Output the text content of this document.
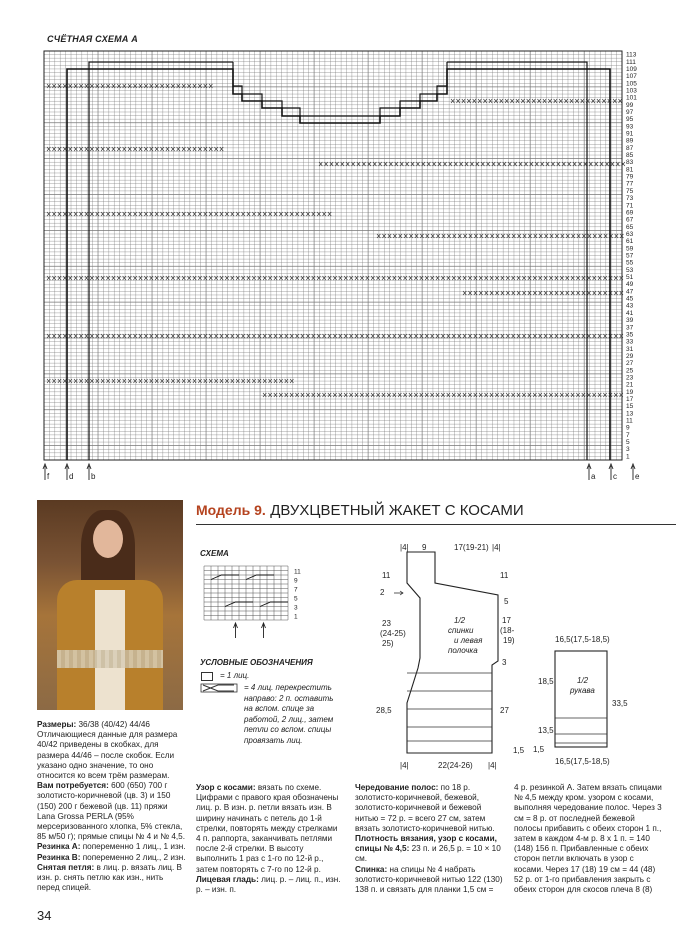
СЧЁТНАЯ СХЕМА А
113
111
109
107
105
103
101
99
97
95
93
91
89
87
85
83
81
79
77
75
73
71
69
67
65
63
61
59
57
55
53
51
49
47
45
43
41
39
37
35
33
31
29
27
25
23
21
19
17
15
13
11
9
7
5
3
1
f d b	a c e
Модель 9. ДВУХЦВЕТНЫЙ ЖАКЕТ С КОСАМИ
СХЕМА
11
9
7
5
3
1
УСЛОВНЫЕ ОБОЗНАЧЕНИЯ
= 1 лиц.
= 4 лиц. перекрестить направо: 2 п. оставить на вспом. спице за работой, 2 лиц., затем петли со вспом. спицы провязать лиц.
|4| 9	17(19-21) |4|
11
2
23
(24-25)
25)
28,5
11
5
17
(18-
19)
3
27
1,5
1/2
спинки
и левая
полочка
|4|	22(24-26) |4|
16,5(17,5-18,5)
16,5(17,5-18,5)
18,5
13,5
1,5
33,5
1/2
рукава
Размеры: 36/38 (40/42) 44/46
Отличающиеся данные для размера 40/42 приведены в скобках, для размера 44/46 – после скобок. Если указано одно значение, то оно относится ко всем трём размерам.
Вам потребуется: 600 (650) 700 г золотисто-коричневой (цв. 3) и 150 (150) 200 г бежевой (цв. 11) пряжи Lana Grossa PERLA (95% мерсеризованного хлопка, 5% стекла, 85 м/50 г); прямые спицы № 4 и № 4,5.
Резинка А: попеременно 1 лиц., 1 изн.
Резинка В: попеременно 2 лиц., 2 изн.
Снятая петля: в лиц. р. вязать лиц. В изн. р. снять петлю как изн., нить перед спицей.
Узор с косами: вязать по схеме. Цифрами с правого края обозначены лиц. р. В изн. р. петли вязать изн. В ширину начинать с петель до 1-й стрелки, повторять между стрелками 4 п. раппорта, заканчивать петлями после 2-й стрелки. В высоту выполнить 1 раз с 1-го по 12-й р., затем повторять с 7-го по 12-й р.
Лицевая гладь: лиц. р. – лиц. п., изн. р. – изн. п.
Чередование полос: по 18 р. золотисто-коричневой, бежевой, золотисто-коричневой и бежевой нитью = 72 р. = всего 27 см, затем вязать золотисто-коричневой нитью.
Плотность вязания, узор с косами, спицы № 4,5: 23 п. и 26,5 р. = 10 × 10 см.
Спинка: на спицы № 4 набрать золотисто-коричневой нитью 122 (130) 138 п. и связать для планки 1,5 см =
4 р. резинкой А. Затем вязать спицами № 4,5 между кром. узором с косами, выполняя чередование полос. Через 3 см = 8 р. от последней бежевой полосы прибавить с обеих сторон 1 п., затем в каждом 4-м р. 8 х 1 п. = 140 (148) 156 п. Прибавленные с обеих сторон петли включать в узор с косами. Через 17 (18) 19 см = 44 (48) 52 р. от 1-го прибавления закрыть с обеих сторон для скосов плеча 8 (8)
34
